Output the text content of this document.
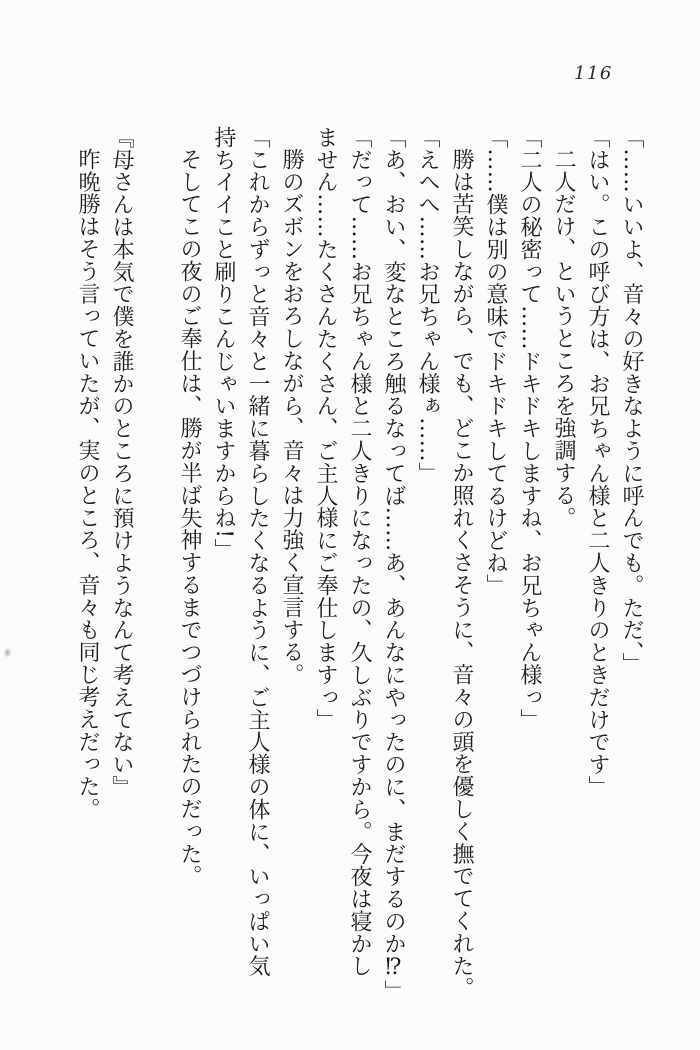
116
「……いいよ、音々の好きなように呼んでも。ただ、」
「はい。この呼び方は、お兄ちゃん様と二人きりのときだけです」
二人だけ、というところを強調する。
「二人の秘密って……ドキドキしますね、お兄ちゃん様っ」
「……僕は別の意味でドキドキしてるけどね」
勝は苦笑しながら、でも、どこか照れくさそうに、音々の頭を優しく撫でてくれた。
「えへへ……お兄ちゃん様ぁ……」
「あ、おい、変なところ触るなってば……あ、あんなにやったのに、まだするのか⁉」
「だって……お兄ちゃん様と二人きりになったの、久しぶりですから。今夜は寝かし
ません……たくさんたくさん、ご主人様にご奉仕しますっ」
勝のズボンをおろしながら、音々は力強く宣言する。
「これからずっと音々と一緒に暮らしたくなるように、ご主人様の体に、いっぱい気
持ちイイこと刷りこんじゃいますからね!」
そしてこの夜のご奉仕は、勝が半ば失神するまでつづけられたのだった。

『母さんは本気で僕を誰かのところに預けようなんて考えてない』
昨晩勝はそう言っていたが、実のところ、音々も同じ考えだった。
